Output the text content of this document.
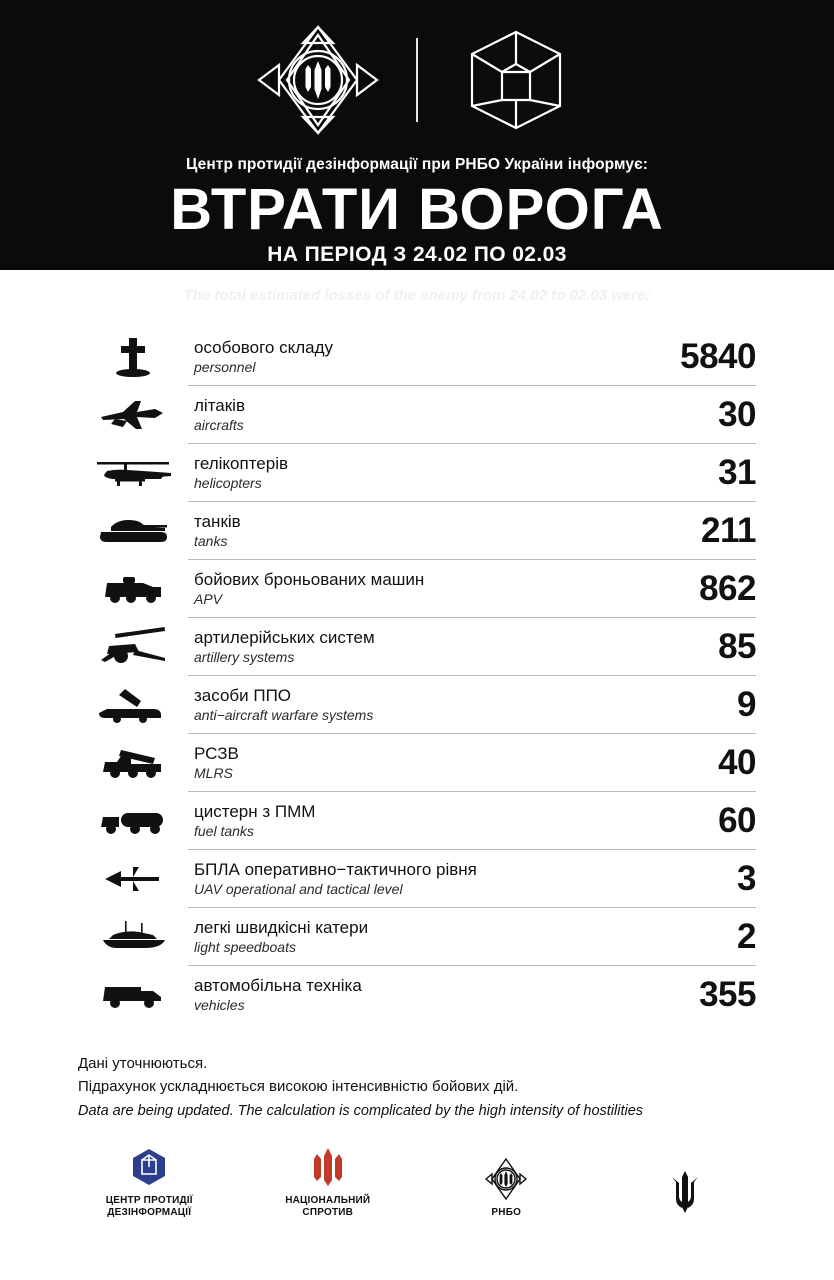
Центр протидії дезінформації при РНБО України інформує:
ВТРАТИ ВОРОГА
НА ПЕРІОД З 24.02 ПО 02.03
The total estimated losses of the enemy from 24.02 to 02.03 were:
особового складу
personnel	5840
літаків
aircrafts	30
гелікоптерів
helicopters	31
танків
tanks	211
бойових броньованих машин
APV	862
артилерійських систем
artillery systems	85
засоби ППО
anti−aircraft warfare systems	9
РСЗВ
MLRS	40
цистерн з ПММ
fuel tanks	60
БПЛА оперативно−тактичного рівня
UAV operational and tactical level	3
легкі швидкісні катери
light speedboats	2
автомобільна техніка
vehicles	355
Дані уточнюються.
Підрахунок ускладнюється високою інтенсивністю бойових дій.
Data are being updated. The calculation is complicated by the high intensity of hostilities
ЦЕНТР ПРОТИДІЇ
ДЕЗІНФОРМАЦІЇ
НАЦІОНАЛЬНИЙ
СПРОТИВ	РНБО
